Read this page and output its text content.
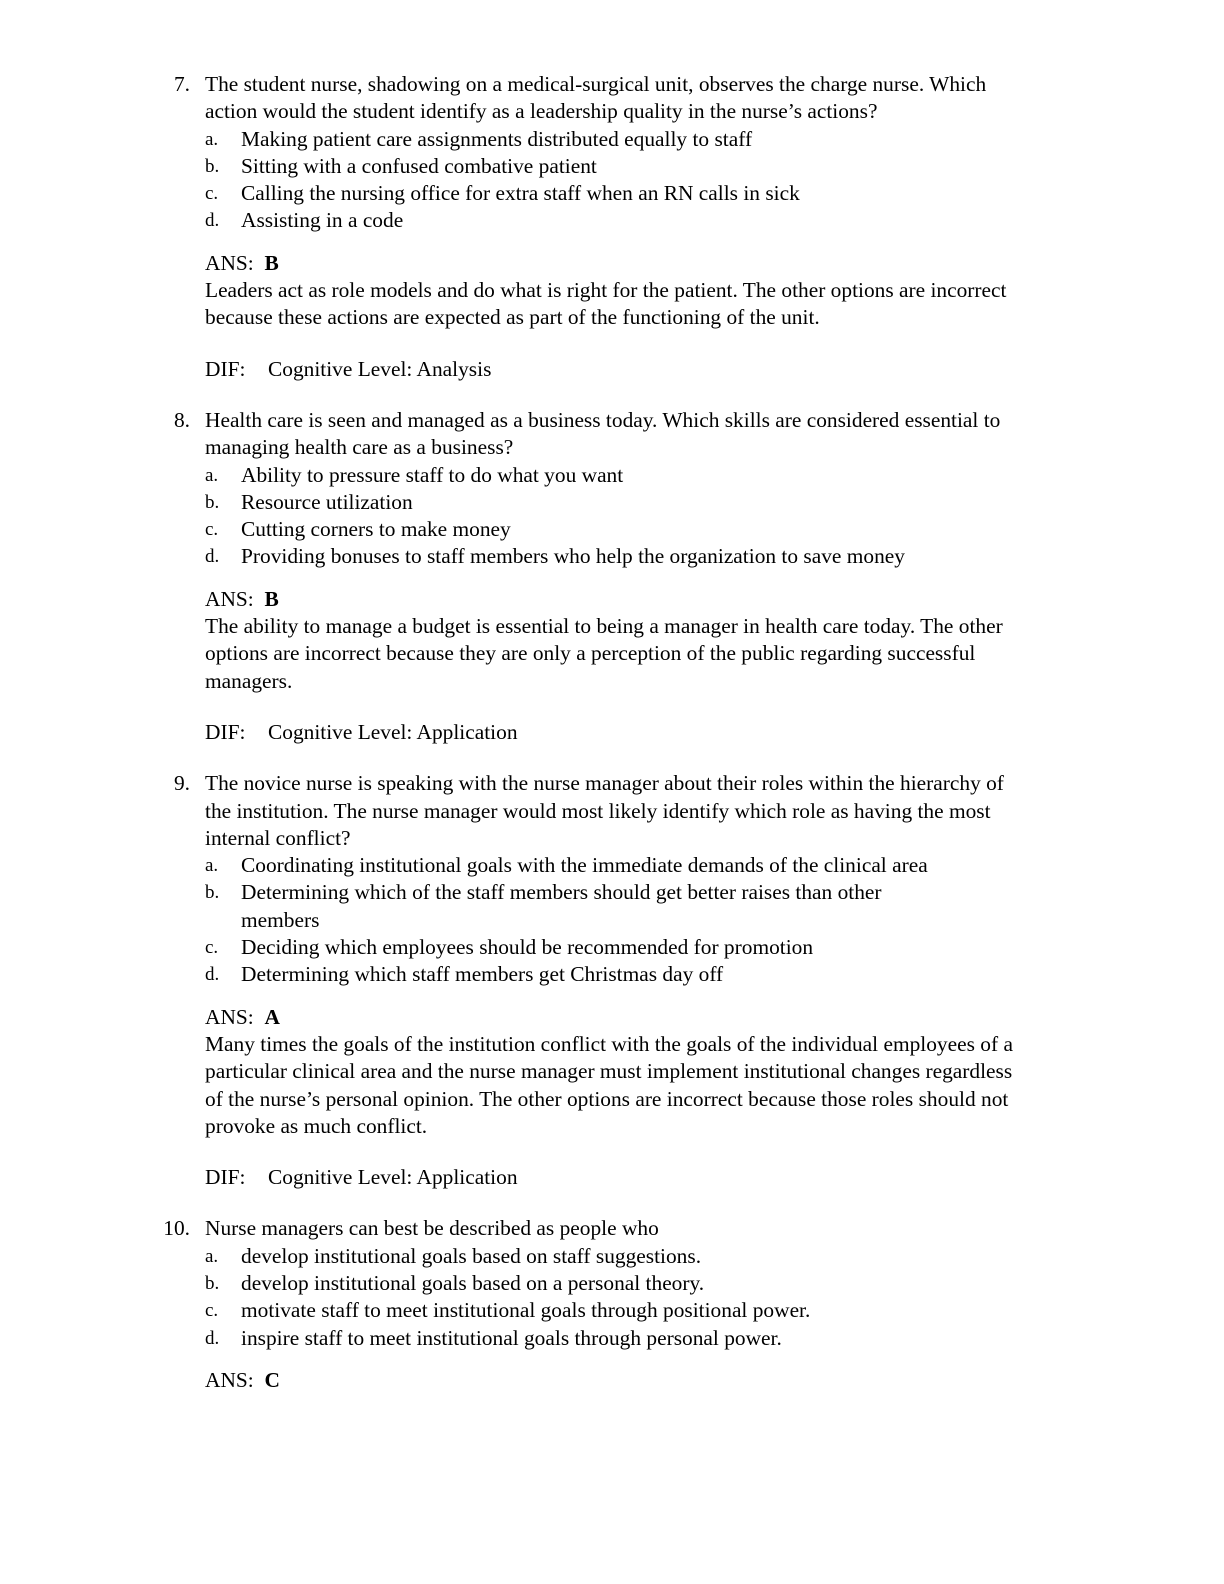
7. The student nurse, shadowing on a medical-surgical unit, observes the charge nurse. Which
action would the student identify as a leadership quality in the nurse’s actions?
a. Making patient care assignments distributed equally to staff
b. Sitting with a confused combative patient
c. Calling the nursing office for extra staff when an RN calls in sick
d. Assisting in a code
ANS: B
Leaders act as role models and do what is right for the patient. The other options are incorrect
because these actions are expected as part of the functioning of the unit.
DIF: Cognitive Level: Analysis
8. Health care is seen and managed as a business today. Which skills are considered essential to
managing health care as a business?
a. Ability to pressure staff to do what you want
b. Resource utilization
c. Cutting corners to make money
d. Providing bonuses to staff members who help the organization to save money
ANS: B
The ability to manage a budget is essential to being a manager in health care today. The other
options are incorrect because they are only a perception of the public regarding successful
managers.
DIF: Cognitive Level: Application
9. The novice nurse is speaking with the nurse manager about their roles within the hierarchy of
the institution. The nurse manager would most likely identify which role as having the most
internal conflict?
a. Coordinating institutional goals with the immediate demands of the clinical area
b. Determining which of the staff members should get better raises than other
members
c. Deciding which employees should be recommended for promotion
d. Determining which staff members get Christmas day off
ANS: A
Many times the goals of the institution conflict with the goals of the individual employees of a
particular clinical area and the nurse manager must implement institutional changes regardless
of the nurse’s personal opinion. The other options are incorrect because those roles should not
provoke as much conflict.
DIF: Cognitive Level: Application
10. Nurse managers can best be described as people who
a. develop institutional goals based on staff suggestions.
b. develop institutional goals based on a personal theory.
c. motivate staff to meet institutional goals through positional power.
d. inspire staff to meet institutional goals through personal power.
ANS: C
